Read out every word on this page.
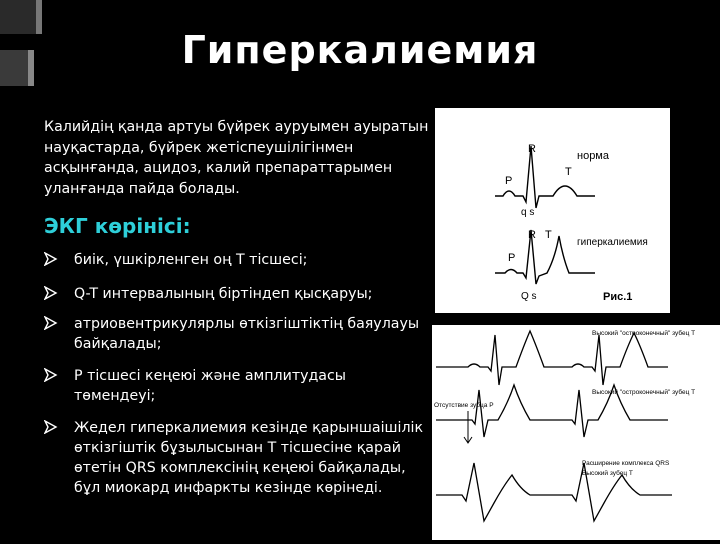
Гиперкалиемия
Калийдің қанда артуы бүйрек ауруымен ауыратын науқастарда, бүйрек жетіспеушілігінмен асқынғанда, ацидоз, калий препараттарымен уланғанда пайда болады.
ЭКГ көрінісі:
биік, үшкірленген оң Т тісшесі;
Q-T интервалының біртіндеп қысқаруы;
атриовентрикулярлы өткізгіштіктің баяулауы байқалады;
Р тісшесі кеңеюі және амплитудасы төмендеуі;
Жедел гиперкалиемия кезінде қарыншаішілік өткізгіштік бұзылысынан Т тісшесіне қарай өтетін QRS комплексінің кеңеюі байқалады, бұл миокард инфаркты кезінде көрінеді.
R
P
T
q s
норма
R T
P
Q s
гиперкалиемия
Рис.1
Высокий "остроконечный" зубец Т
Высокий "остроконечный" зубец Т
Отсутствие зубца Р
Расширение комплекса QRS
Высокий зубец T
